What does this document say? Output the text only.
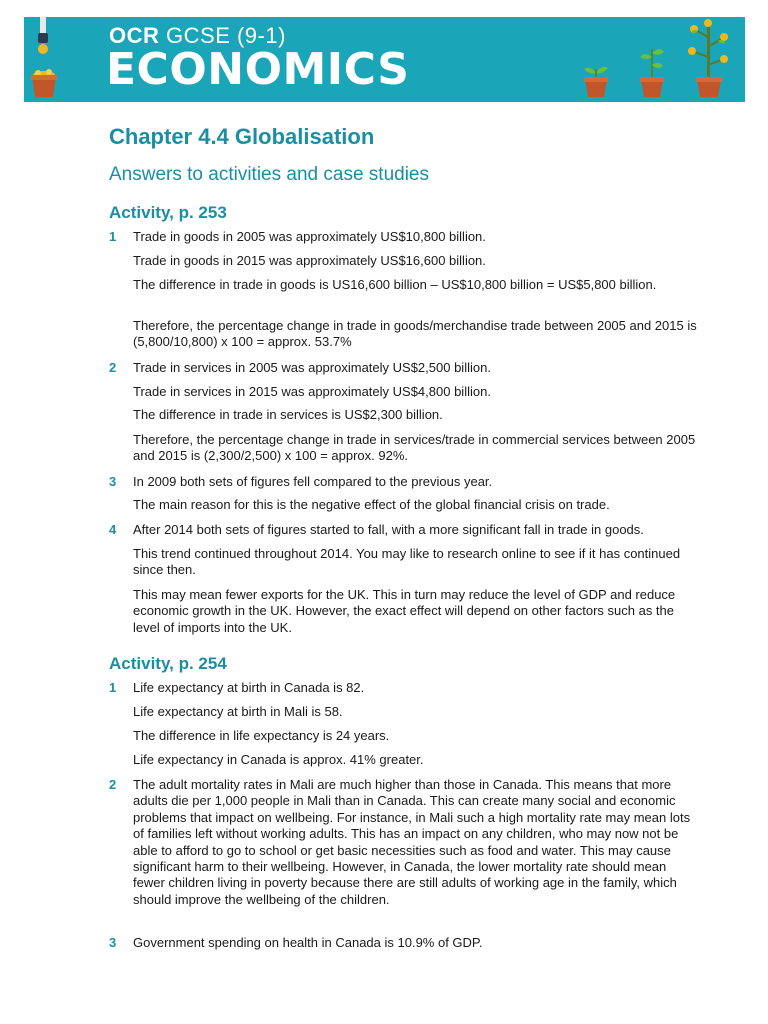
OCR GCSE (9-1)
ECONOMICS
Chapter 4.4 Globalisation
Answers to activities and case studies
Activity, p. 253
1 Trade in goods in 2005 was approximately US$10,800 billion.

Trade in goods in 2015 was approximately US$16,600 billion.

The difference in trade in goods is US16,600 billion – US$10,800 billion = US$5,800 billion.

Therefore, the percentage change in trade in goods/merchandise trade between 2005 and 2015 is (5,800/10,800) x 100 = approx. 53.7%

2 Trade in services in 2005 was approximately US$2,500 billion.

Trade in services in 2015 was approximately US$4,800 billion.

The difference in trade in services is US$2,300 billion.

Therefore, the percentage change in trade in services/trade in commercial services between 2005 and 2015 is (2,300/2,500) x 100 = approx. 92%.

3 In 2009 both sets of figures fell compared to the previous year.

The main reason for this is the negative effect of the global financial crisis on trade.

4 After 2014 both sets of figures started to fall, with a more significant fall in trade in goods.

This trend continued throughout 2014. You may like to research online to see if it has continued since then.

This may mean fewer exports for the UK. This in turn may reduce the level of GDP and reduce economic growth in the UK. However, the exact effect will depend on other factors such as the level of imports into the UK.

Activity, p. 254
1 Life expectancy at birth in Canada is 82.

Life expectancy at birth in Mali is 58.

The difference in life expectancy is 24 years.

Life expectancy in Canada is approx. 41% greater.

2 The adult mortality rates in Mali are much higher than those in Canada. This means that more adults die per 1,000 people in Mali than in Canada. This can create many social and economic problems that impact on wellbeing. For instance, in Mali such a high mortality rate may mean lots of families left without working adults. This has an impact on any children, who may now not be able to afford to go to school or get basic necessities such as food and water. This may cause significant harm to their wellbeing. However, in Canada, the lower mortality rate should mean fewer children living in poverty because there are still adults of working age in the family, which should improve the wellbeing of the children.

3 Government spending on health in Canada is 10.9% of GDP.
